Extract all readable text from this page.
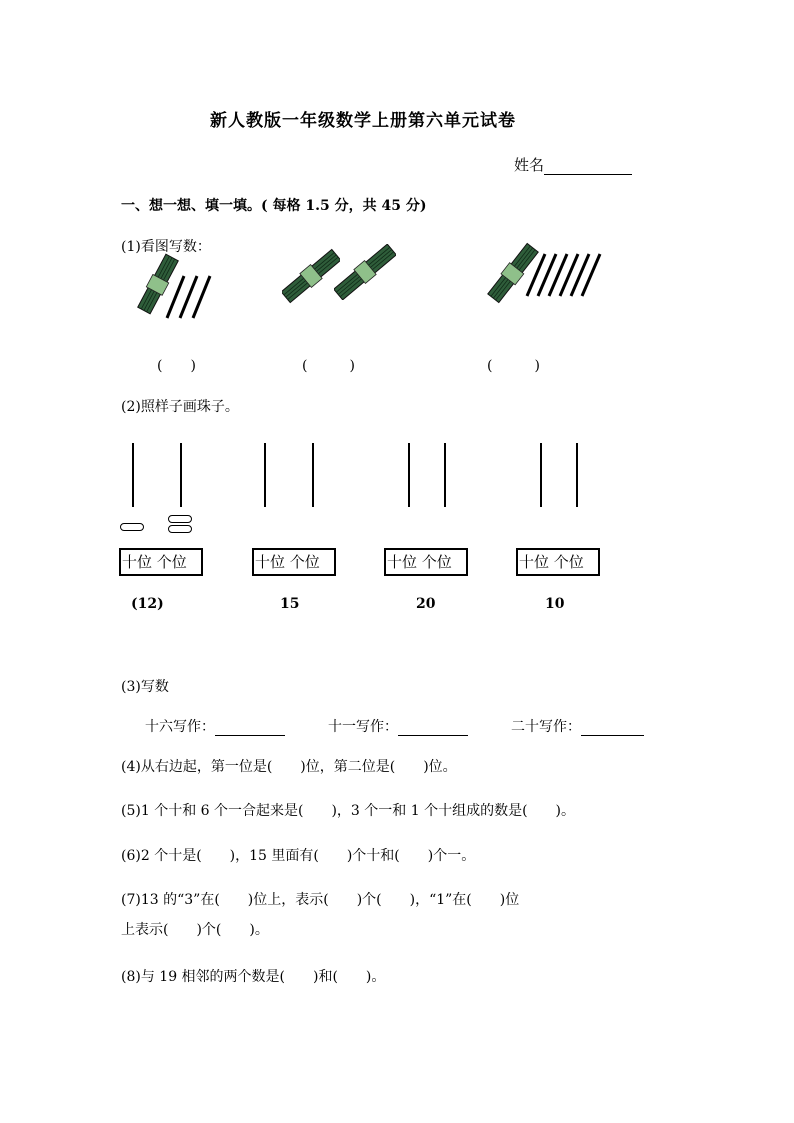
新人教版一年级数学上册第六单元试卷
姓名
一、想一想、填一填。( 每格 1.5 分，共 45 分)
(1)看图写数：
(　　)	(　　　)	(　　　)
(2)照样子画珠子。
十位 个位
(12)
十位 个位
15
十位 个位
20
十位 个位
10
(3)写数
十六写作：	十一写作：	二十写作：
(4)从右边起，第一位是(　　)位，第二位是(　　)位。
(5)1 个十和 6 个一合起来是(　　)，3 个一和 1 个十组成的数是(　　)。
(6)2 个十是(　　)，15 里面有(　　)个十和(　　)个一。
(7)13 的“3”在(　　)位上，表示(　　)个(　　)，“1”在(　　)位
上表示(　　)个(　　)。
(8)与 19 相邻的两个数是(　　)和(　　)。
